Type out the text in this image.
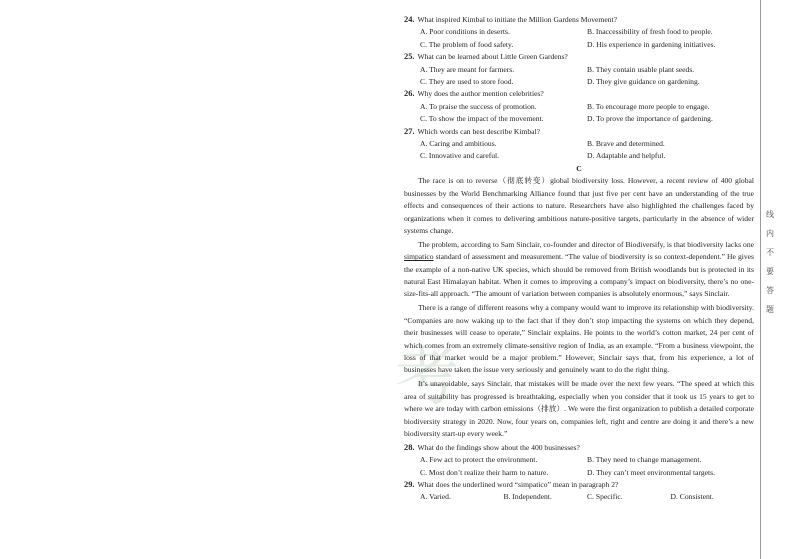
考

24. What inspired Kimbal to initiate the Million Gardens Movement?

A. Poor conditions in deserts.	B. Inaccessibility of fresh food to people.
C. The problem of food safety.	D. His experience in gardening initiatives.

25. What can be learned about Little Green Gardens?

A. They are meant for farmers.	B. They contain usable plant seeds.
C. They are used to store food.	D. They give guidance on gardening.

26. Why does the author mention celebrities?

A. To praise the success of promotion.	B. To encourage more people to engage.
C. To show the impact of the movement.	D. To prove the importance of gardening.

27. Which words can best describe Kimbal?

A. Caring and ambitious.	B. Brave and determined.
C. Innovative and careful.	D. Adaptable and helpful.

C

The race is on to reverse（彻底转变）global biodiversity loss. However, a recent review of 400 global businesses by the World Benchmarking Alliance found that just five per cent have an understanding of the true effects and consequences of their actions to nature. Researchers have also highlighted the challenges faced by organizations when it comes to delivering ambitious nature-positive targets, particularly in the absence of wider systems change.

The problem, according to Sam Sinclair, co-founder and director of Biodiversify, is that biodiversity lacks one simpatico standard of assessment and measurement. “The value of biodiversity is so context-dependent.” He gives the example of a non-native UK species, which should be removed from British woodlands but is protected in its natural East Himalayan habitat. When it comes to improving a company’s impact on biodiversity, there’s no one-size-fits-all approach. “The amount of variation between companies is absolutely enormous,” says Sinclair.

There is a range of different reasons why a company would want to improve its relationship with biodiversity. “Companies are now waking up to the fact that if they don’t stop impacting the systems on which they depend, their businesses will cease to operate,” Sinclair explains. He points to the world’s cotton market, 24 per cent of which comes from an extremely climate-sensitive region of India, as an example. “From a business viewpoint, the loss of that market would be a major problem.” However, Sinclair says that, from his experience, a lot of businesses have taken the issue very seriously and genuinely want to do the right thing.

It’s unavoidable, says Sinclair, that mistakes will be made over the next few years. “The speed at which this area of suitability has progressed is breathtaking, especially when you consider that it took us 15 years to get to where we are today with carbon emissions（排放）. We were the first organization to publish a detailed corporate biodiversity strategy in 2020. Now, four years on, companies left, right and centre are doing it and there’s a new biodiversity start-up every week.”

28. What do the findings show about the 400 businesses?

A. Few act to protect the environment.	B. They need to change management.
C. Most don’t realize their harm to nature.	D. They can’t meet environmental targets.

29. What does the underlined word “simpatico” mean in paragraph 2?

A. Varied.	B. Independent.	C. Specific.	D. Consistent.
线
内
不
要
答
题
